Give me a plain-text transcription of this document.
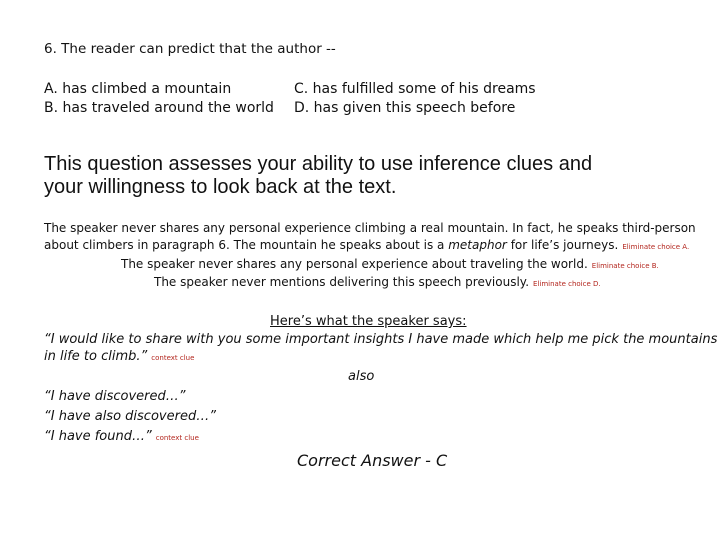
6. The reader can predict that the author --
A. has climbed a mountain
B. has traveled around the world
C. has fulfilled some of his dreams
D. has given this speech before
This question assesses your ability to use inference clues and
your willingness to look back at the text.
The speaker never shares any personal experience climbing a real mountain. In fact, he speaks third-person
about climbers in paragraph 6. The mountain he speaks about is a metaphor for life’s journeys. Eliminate choice A.
The speaker never shares any personal experience about traveling the world. Eliminate choice B.
The speaker never mentions delivering this speech previously. Eliminate choice D.
Here’s what the speaker says:
“I would like to share with you some important insights I have made which help me pick the mountains
in life to climb.” context clue
also
“I have discovered…”
“I have also discovered…”
“I have found…” context clue
Correct Answer - C
